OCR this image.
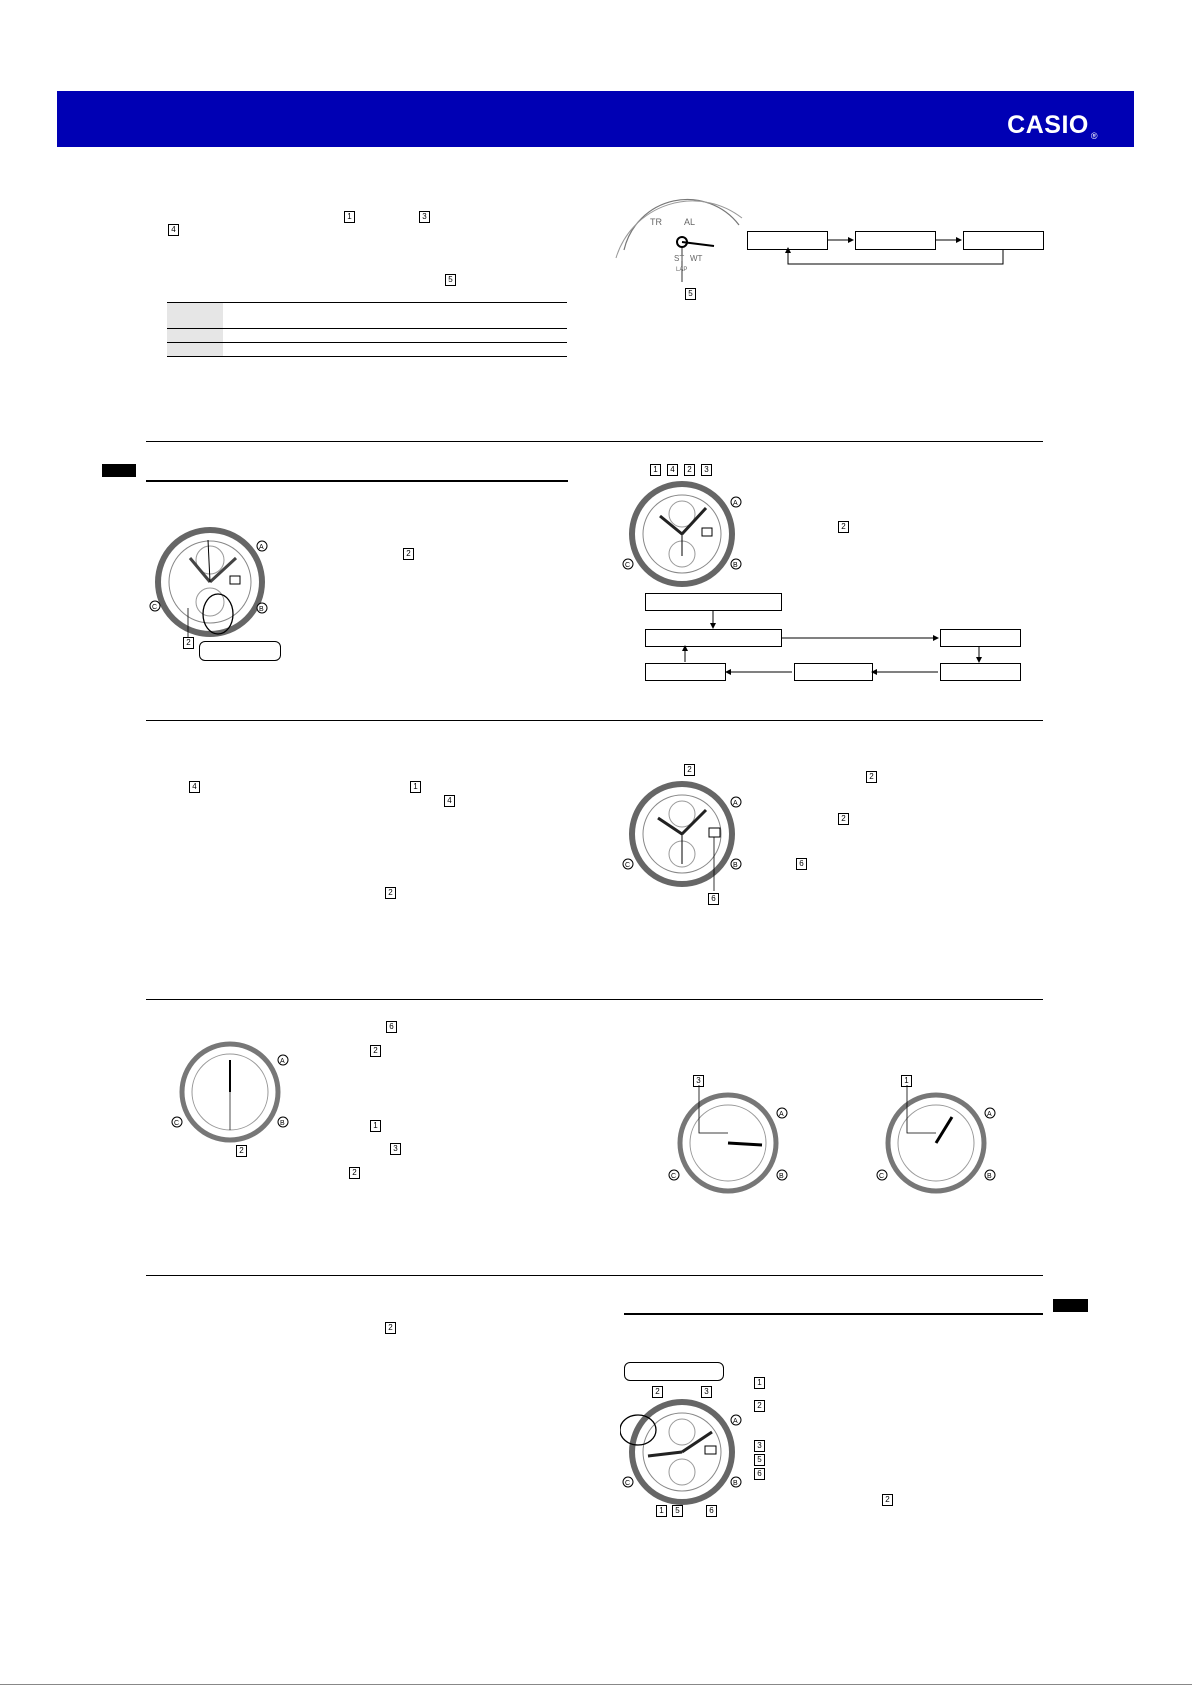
CASIO ®
1	3
4
5

TR AL
ST WT
LAP
5
A
B
C
2
2
1	4	2	3
A
B
C
2
4	1
4
2
2
A
B
C
6
2
2
6
A
B
C
2
6
2
1
3
2
3
A
B
C
1
A
B
C
2
2	3
A
B
C
1	5	6
1
2
3
5
6
2
